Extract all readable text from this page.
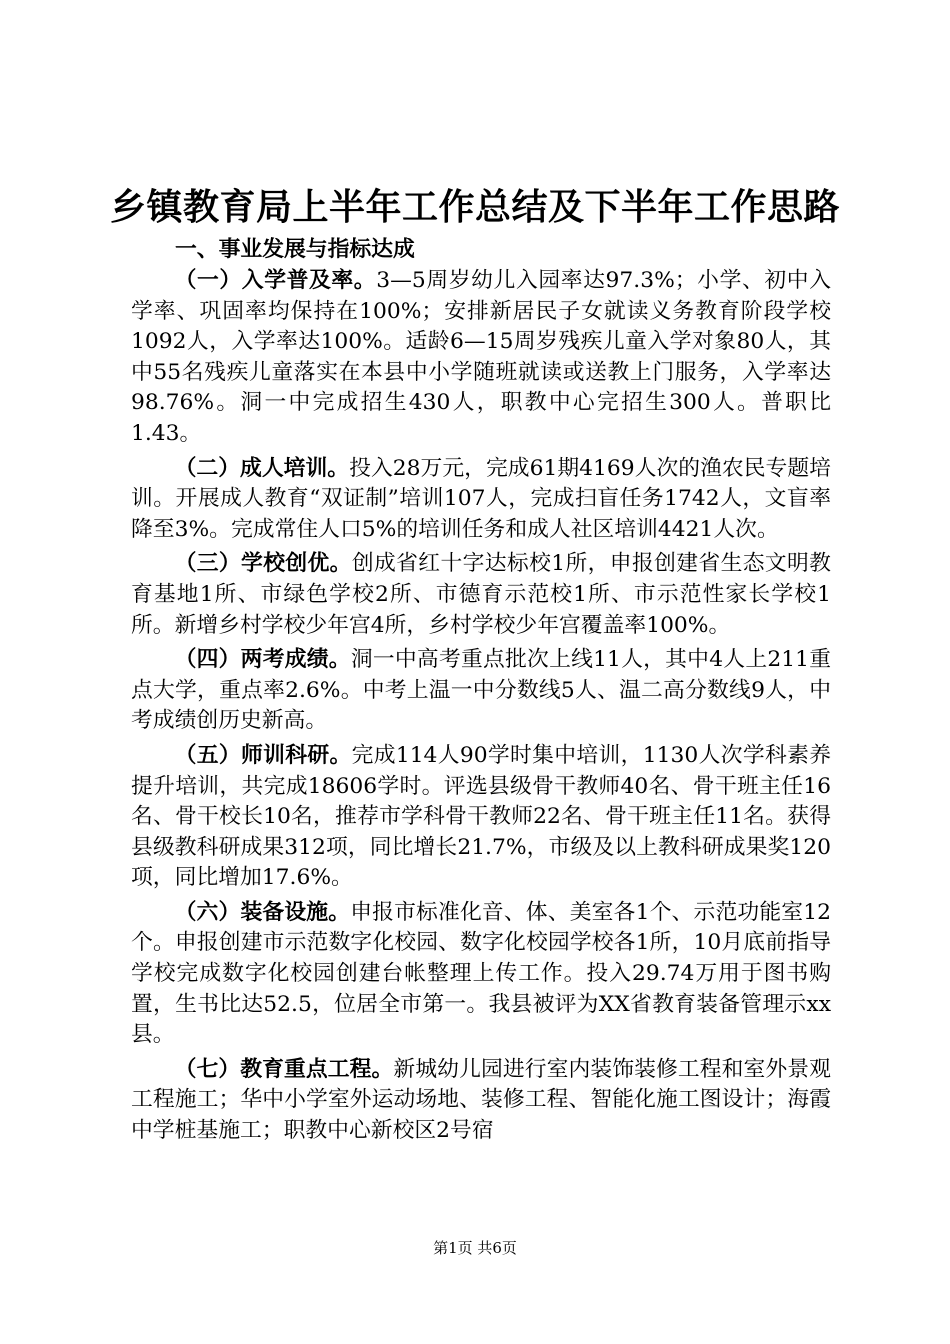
乡镇教育局上半年工作总结及下半年工作思路

一、事业发展与指标达成

（一）入学普及率。3—5周岁幼儿入园率达97.3%；小学、初中入学率、巩固率均保持在100%；安排新居民子女就读义务教育阶段学校1092人，入学率达100%。适龄6—15周岁残疾儿童入学对象80人，其中55名残疾儿童落实在本县中小学随班就读或送教上门服务，入学率达98.76%。洞一中完成招生430人，职教中心完招生300人。普职比1.43。

（二）成人培训。投入28万元，完成61期4169人次的渔农民专题培训。开展成人教育“双证制”培训107人，完成扫盲任务1742人，文盲率降至3%。完成常住人口5%的培训任务和成人社区培训4421人次。

（三）学校创优。创成省红十字达标校1所，申报创建省生态文明教育基地1所、市绿色学校2所、市德育示范校1所、市示范性家长学校1所。新增乡村学校少年宫4所，乡村学校少年宫覆盖率100%。

（四）两考成绩。洞一中高考重点批次上线11人，其中4人上211重点大学，重点率2.6%。中考上温一中分数线5人、温二高分数线9人，中考成绩创历史新高。

（五）师训科研。完成114人90学时集中培训，1130人次学科素养提升培训，共完成18606学时。评选县级骨干教师40名、骨干班主任16名、骨干校长10名，推荐市学科骨干教师22名、骨干班主任11名。获得县级教科研成果312项，同比增长21.7%，市级及以上教科研成果奖120项，同比增加17.6%。

（六）装备设施。申报市标准化音、体、美室各1个、示范功能室12个。申报创建市示范数字化校园、数字化校园学校各1所，10月底前指导学校完成数字化校园创建台帐整理上传工作。投入29.74万用于图书购置，生书比达52.5，位居全市第一。我县被评为XX省教育装备管理示xx县。

（七）教育重点工程。新城幼儿园进行室内装饰装修工程和室外景观工程施工；华中小学室外运动场地、装修工程、智能化施工图设计；海霞中学桩基施工；职教中心新校区2号宿

第1页 共6页
